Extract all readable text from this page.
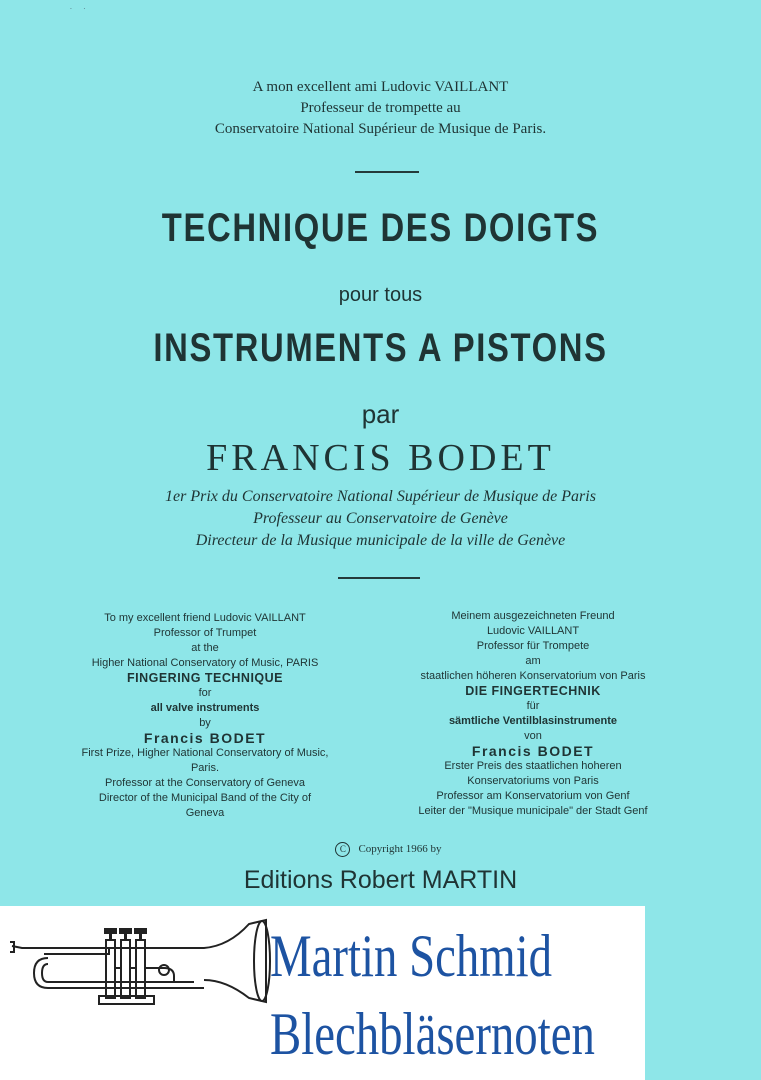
·      ·
A mon excellent ami Ludovic VAILLANT
Professeur de trompette au
Conservatoire National Supérieur de Musique de Paris.
TECHNIQUE DES DOIGTS
pour tous
INSTRUMENTS A PISTONS
par
FRANCIS BODET
1er Prix du Conservatoire National Supérieur de Musique de Paris
Professeur au Conservatoire de Genève
Directeur de la Musique municipale de la ville de Genève
To my excellent friend Ludovic VAILLANT
Professor of Trumpet
at the
Higher National Conservatory of Music, PARIS
FINGERING TECHNIQUE
for
all valve instruments
by
Francis BODET
First Prize, Higher National Conservatory of Music,
Paris.
Professor at the Conservatory of Geneva
Director of the Municipal Band of the City of
Geneva
Meinem ausgezeichneten Freund
Ludovic VAILLANT
Professor für Trompete
am
staatlichen höheren Konservatorium von Paris
DIE FINGERTECHNIK
für
sämtliche Ventilblasinstrumente
von
Francis BODET
Erster Preis des staatlichen hoheren
Konservatoriums von Paris
Professor am Konservatorium von Genf
Leiter der "Musique municipale" der Stadt Genf
C Copyright 1966 by
Editions Robert MARTIN
Martin Schmid
Blechbläsernoten
